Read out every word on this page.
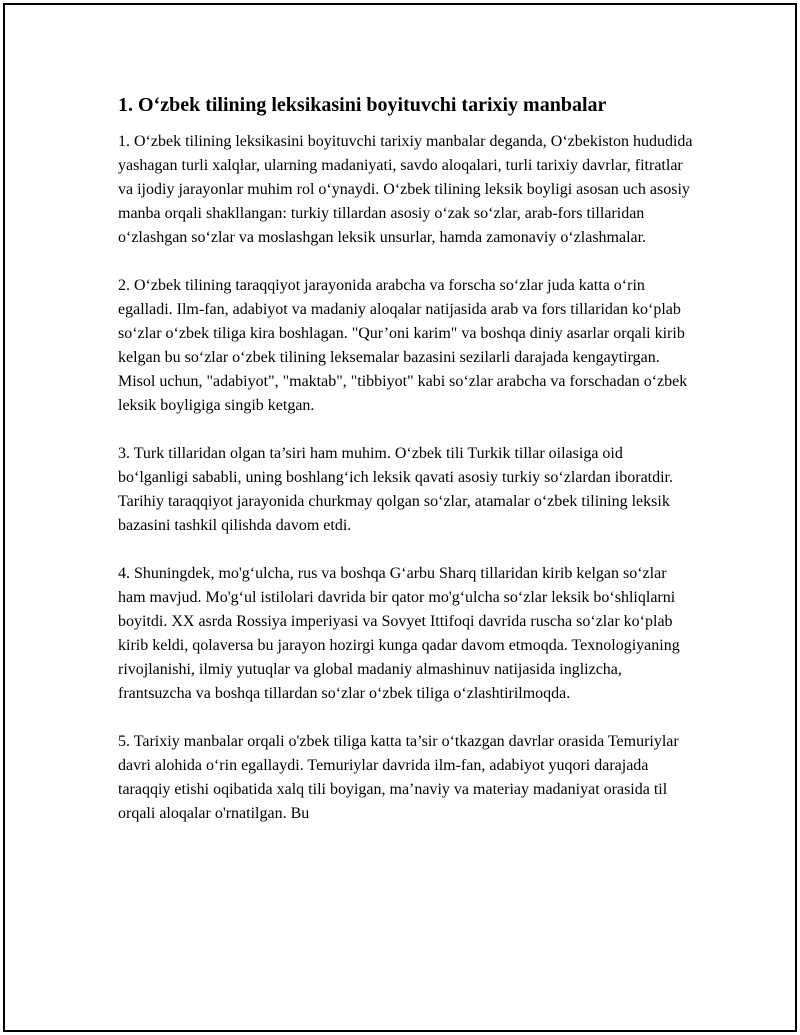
1. O‘zbek tilining leksikasini boyituvchi tarixiy manbalar

1. O‘zbek tilining leksikasini boyituvchi tarixiy manbalar deganda, O‘zbekiston hududida yashagan turli xalqlar, ularning madaniyati, savdo aloqalari, turli tarixiy davrlar, fitratlar va ijodiy jarayonlar muhim rol o‘ynaydi. O‘zbek tilining leksik boyligi asosan uch asosiy manba orqali shakllangan: turkiy tillardan asosiy o‘zak so‘zlar, arab-fors tillaridan o‘zlashgan so‘zlar va moslashgan leksik unsurlar, hamda zamonaviy o‘zlashmalar.

2. O‘zbek tilining taraqqiyot jarayonida arabcha va forscha so‘zlar juda katta o‘rin egalladi. Ilm-fan, adabiyot va madaniy aloqalar natijasida arab va fors tillaridan ko‘plab so‘zlar o‘zbek tiliga kira boshlagan. "Qur’oni karim" va boshqa diniy asarlar orqali kirib kelgan bu so‘zlar o‘zbek tilining leksemalar bazasini sezilarli darajada kengaytirgan. Misol uchun, "adabiyot", "maktab", "tibbiyot" kabi so‘zlar arabcha va forschadan o‘zbek leksik boyligiga singib ketgan.

3. Turk tillaridan olgan ta’siri ham muhim. O‘zbek tili Turkik tillar oilasiga oid bo‘lganligi sababli, uning boshlang‘ich leksik qavati asosiy turkiy so‘zlardan iboratdir. Tarihiy taraqqiyot jarayonida churkmay qolgan so‘zlar, atamalar o‘zbek tilining leksik bazasini tashkil qilishda davom etdi.

4. Shuningdek, mo'g‘ulcha, rus va boshqa G‘arbu Sharq tillaridan kirib kelgan so‘zlar ham mavjud. Mo'g‘ul istilolari davrida bir qator mo'g‘ulcha so‘zlar leksik bo‘shliqlarni boyitdi. XX asrda Rossiya imperiyasi va Sovyet Ittifoqi davrida ruscha so‘zlar ko‘plab kirib keldi, qolaversa bu jarayon hozirgi kunga qadar davom etmoqda. Texnologiyaning rivojlanishi, ilmiy yutuqlar va global madaniy almashinuv natijasida inglizcha, frantsuzcha va boshqa tillardan so‘zlar o‘zbek tiliga o‘zlashtirilmoqda.

5. Tarixiy manbalar orqali o'zbek tiliga katta ta’sir o‘tkazgan davrlar orasida Temuriylar davri alohida o‘rin egallaydi. Temuriylar davrida ilm-fan, adabiyot yuqori darajada taraqqiy etishi oqibatida xalq tili boyigan, ma’naviy va materiay madaniyat orasida til orqali aloqalar o'rnatilgan. Bu
